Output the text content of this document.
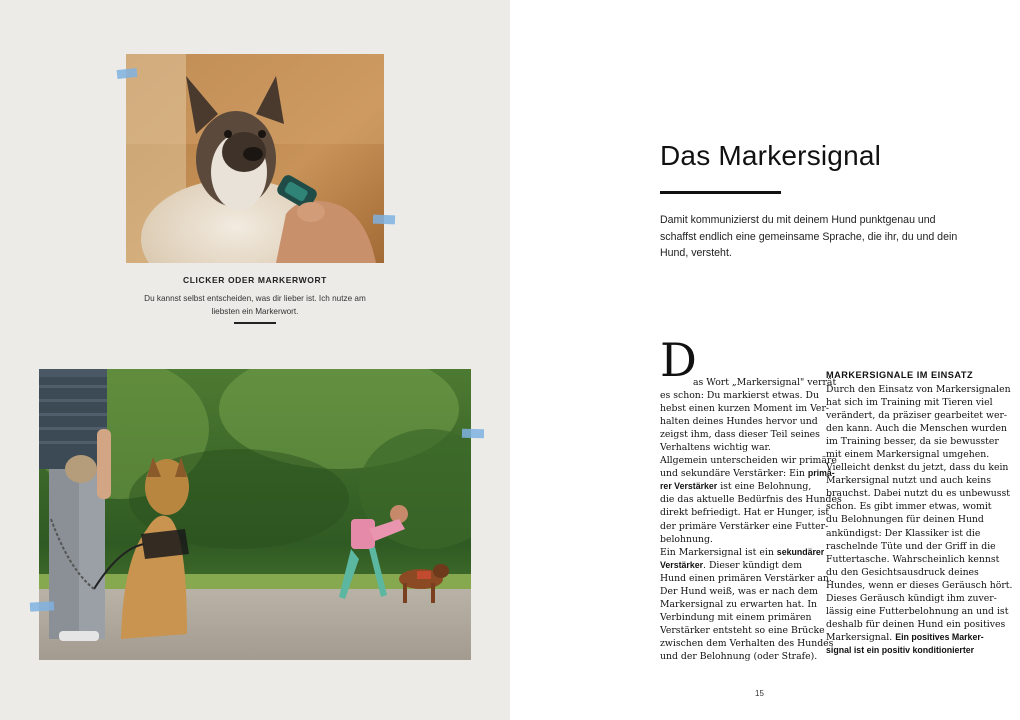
CLICKER ODER MARKERWORT
Du kannst selbst entscheiden, was dir lieber ist. Ich nutze am
liebsten ein Markerwort.
Das Markersignal
Damit kommunizierst du mit deinem Hund punktgenau und
schaffst endlich eine gemeinsame Sprache, die ihr, du und dein
Hund, versteht.
D
as Wort „Markersignal" verrät
es schon: Du markierst etwas. Du
hebst einen kurzen Moment im Ver-
halten deines Hundes hervor und
zeigst ihm, dass dieser Teil seines
Verhaltens wichtig war.
Allgemein unterscheiden wir primäre
und sekundäre Verstärker: Ein primä-
rer Verstärker ist eine Belohnung,
die das aktuelle Bedürfnis des Hundes
direkt befriedigt. Hat er Hunger, ist
der primäre Verstärker eine Futter-
belohnung.
Ein Markersignal ist ein sekundärer
Verstärker. Dieser kündigt dem
Hund einen primären Verstärker an.
Der Hund weiß, was er nach dem
Markersignal zu erwarten hat. In
Verbindung mit einem primären
Verstärker entsteht so eine Brücke
zwischen dem Verhalten des Hundes
und der Belohnung (oder Strafe).
MARKERSIGNALE IM EINSATZ
Durch den Einsatz von Markersignalen
hat sich im Training mit Tieren viel
verändert, da präziser gearbeitet wer-
den kann. Auch die Menschen wurden
im Training besser, da sie bewusster
mit einem Markersignal umgehen.
Vielleicht denkst du jetzt, dass du kein
Markersignal nutzt und auch keins
brauchst. Dabei nutzt du es unbewusst
schon. Es gibt immer etwas, womit
du Belohnungen für deinen Hund
ankündigst: Der Klassiker ist die
raschelnde Tüte und der Griff in die
Futtertasche. Wahrscheinlich kennst
du den Gesichtsausdruck deines
Hundes, wenn er dieses Geräusch hört.
Dieses Geräusch kündigt ihm zuver-
lässig eine Futterbelohnung an und ist
deshalb für deinen Hund ein positives
Markersignal. Ein positives Marker-
signal ist ein positiv konditionierter
15
